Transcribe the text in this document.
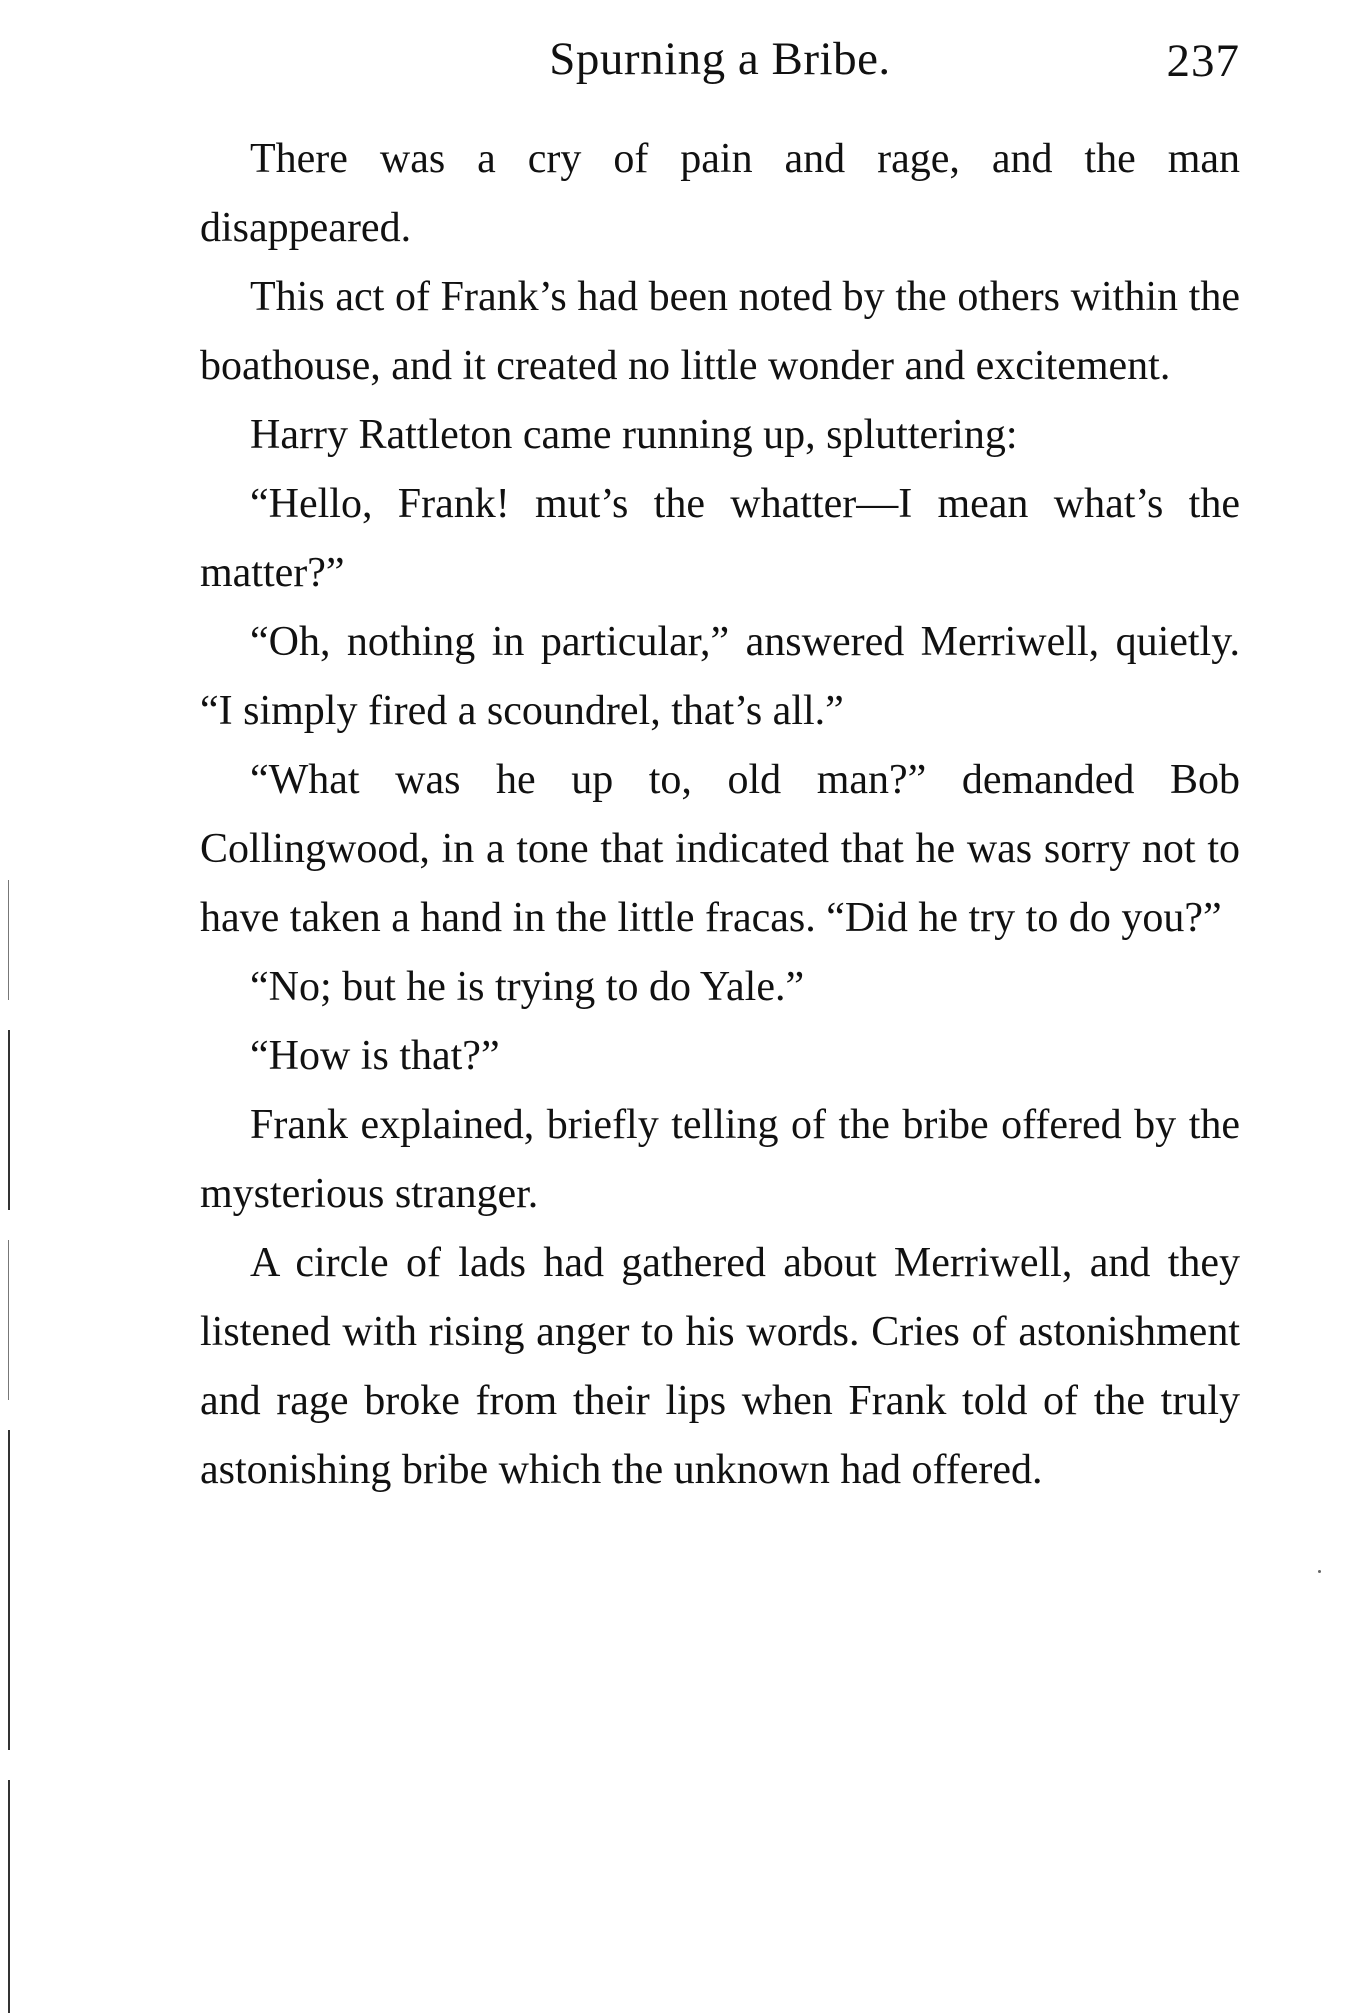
Spurning a Bribe.	237

There was a cry of pain and rage, and the man disappeared.

This act of Frank’s had been noted by the others within the boathouse, and it created no little wonder and excitement.

Harry Rattleton came running up, spluttering:

“Hello, Frank! mut’s the whatter—I mean what’s the matter?”

“Oh, nothing in particular,” answered Merriwell, quietly. “I simply fired a scoundrel, that’s all.”

“What was he up to, old man?” demanded Bob Collingwood, in a tone that indicated that he was sorry not to have taken a hand in the little fracas. “Did he try to do you?”

“No; but he is trying to do Yale.”

“How is that?”

Frank explained, briefly telling of the bribe offered by the mysterious stranger.

A circle of lads had gathered about Merriwell, and they listened with rising anger to his words. Cries of astonishment and rage broke from their lips when Frank told of the truly astonishing bribe which the unknown had offered.
